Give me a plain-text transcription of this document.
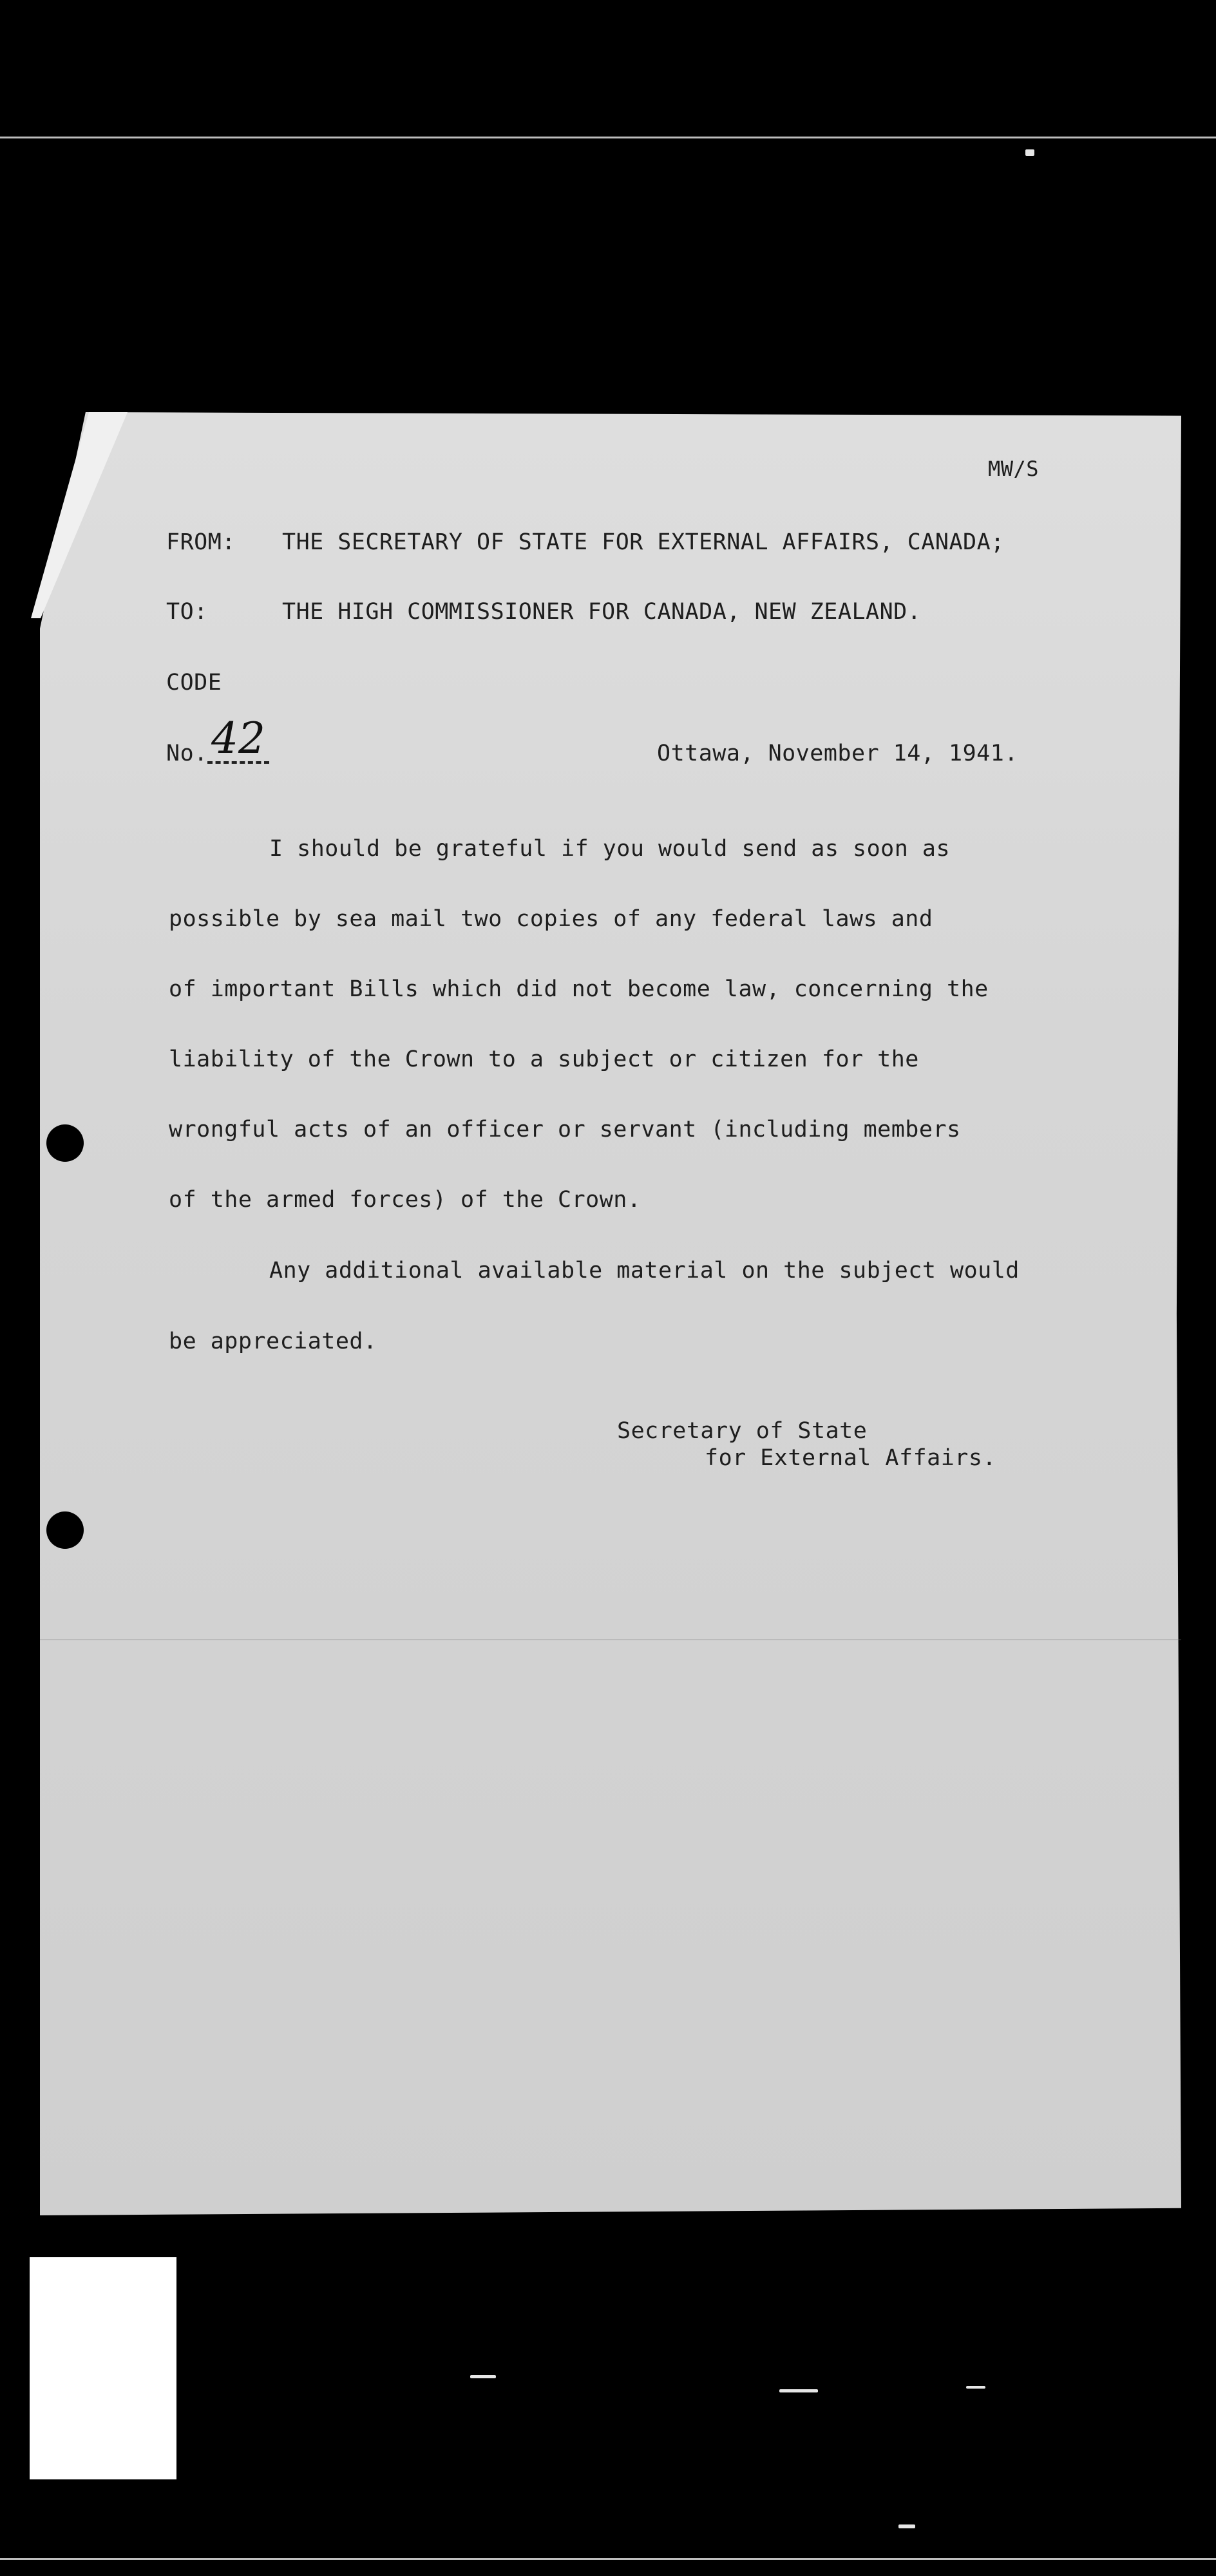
MW/S
FROM: THE SECRETARY OF STATE FOR EXTERNAL AFFAIRS, CANADA;
TO:	THE HIGH COMMISSIONER FOR CANADA, NEW ZEALAND.
CODE
No. 42	Ottawa, November 14, 1941.
I should be grateful if you would send as soon as
possible by sea mail two copies of any federal laws and
of important Bills which did not become law, concerning the
liability of the Crown to a subject or citizen for the
wrongful acts of an officer or servant (including members
of the armed forces) of the Crown.
Any additional available material on the subject would
be appreciated.
Secretary of State
for External Affairs.
